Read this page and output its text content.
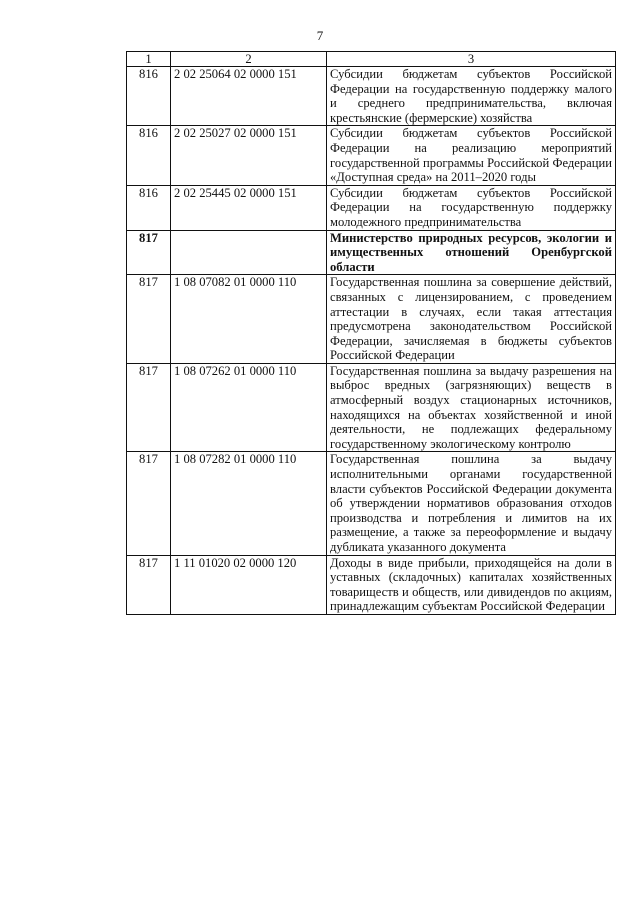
7
1	2	3
816	2 02 25064 02 0000 151	Субсидии бюджетам субъектов Российской Федерации на государственную поддержку малого и среднего предпринимательства, включая крестьянские (фермерские) хозяйства
816	2 02 25027 02 0000 151	Субсидии бюджетам субъектов Российской Федерации на реализацию мероприятий государственной программы Российской Федерации «Доступная среда» на 2011–2020 годы
816	2 02 25445 02 0000 151	Субсидии бюджетам субъектов Российской Федерации на государственную поддержку молодежного предпринимательства
817		Министерство природных ресурсов, экологии и имущественных отношений Оренбургской области
817	1 08 07082 01 0000 110	Государственная пошлина за совершение действий, связанных с лицензированием, с проведением аттестации в случаях, если такая аттестация предусмотрена законодательством Российской Федерации, зачисляемая в бюджеты субъектов Российской Федерации
817	1 08 07262 01 0000 110	Государственная пошлина за выдачу разрешения на выброс вредных (загрязняющих) веществ в атмосферный воздух стационарных источников, находящихся на объектах хозяйственной и иной деятельности, не подлежащих федеральному государственному экологическому контролю
817	1 08 07282 01 0000 110	Государственная пошлина за выдачу исполнительными органами государственной власти субъектов Российской Федерации документа об утверждении нормативов образования отходов производства и потребления и лимитов на их размещение, а также за переоформление и выдачу дубликата указанного документа
817	1 11 01020 02 0000 120	Доходы в виде прибыли, приходящейся на доли в уставных (складочных) капиталах хозяйственных товариществ и обществ, или дивидендов по акциям, принадлежащим субъектам Российской Федерации
